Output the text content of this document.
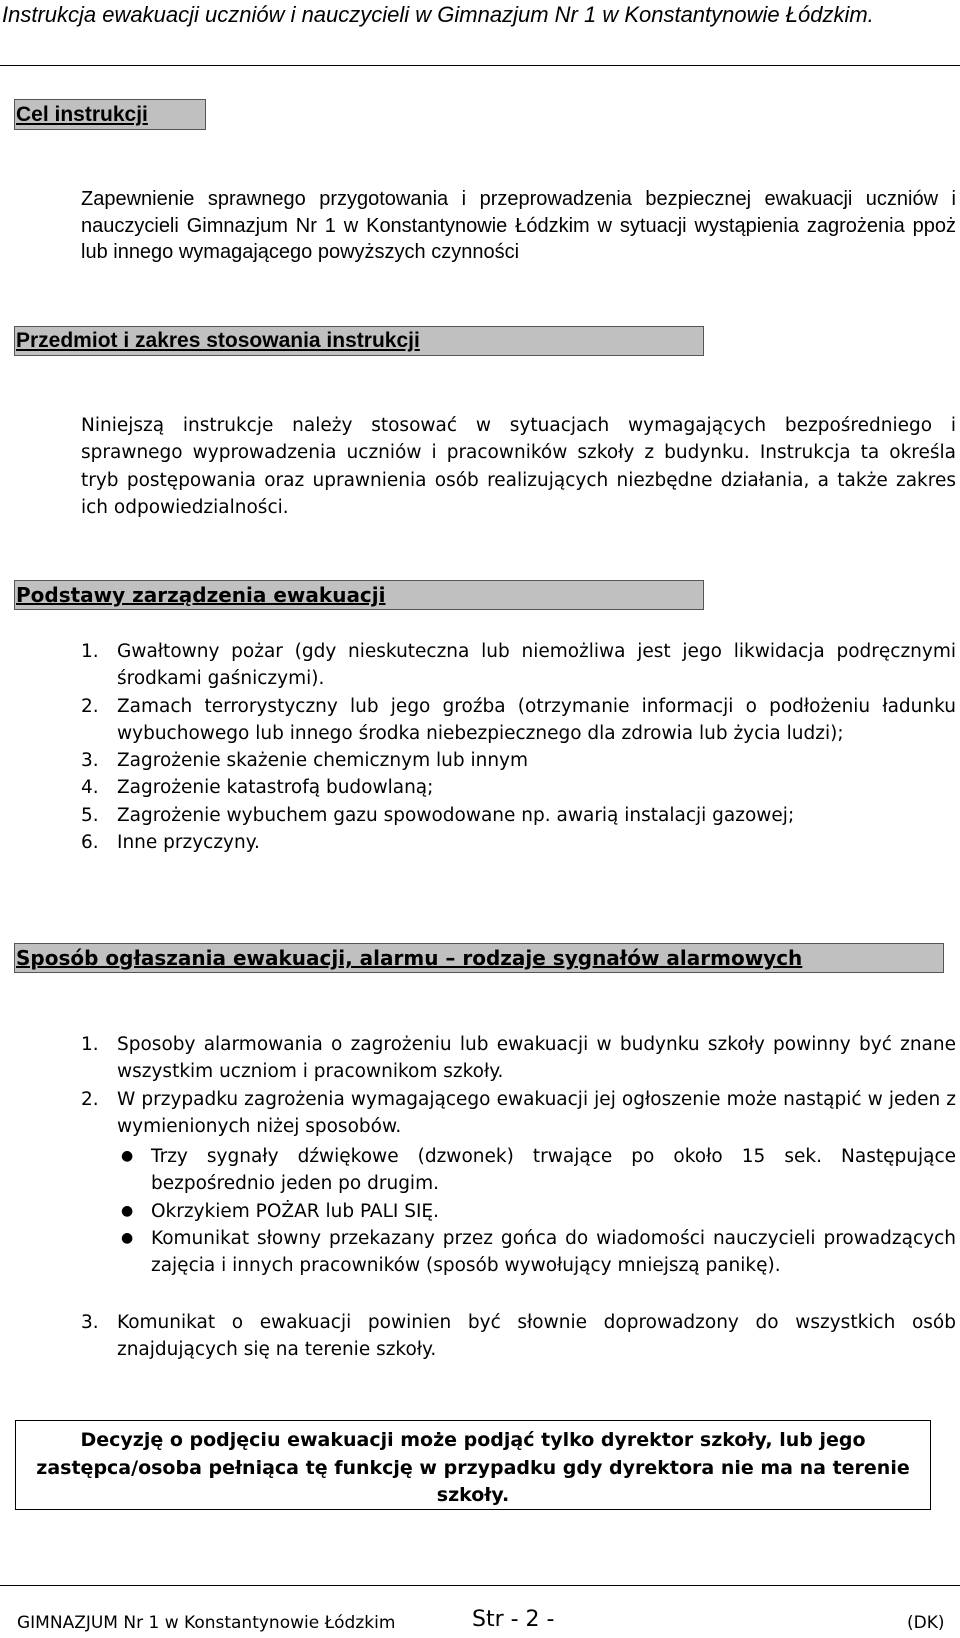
Instrukcja ewakuacji uczniów i nauczycieli w Gimnazjum Nr 1 w Konstantynowie Łódzkim.
Cel instrukcji
Zapewnienie sprawnego przygotowania i przeprowadzenia bezpiecznej ewakuacji uczniów i nauczycieli Gimnazjum Nr 1 w Konstantynowie Łódzkim w sytuacji wystąpienia zagrożenia ppoż lub innego wymagającego powyższych czynności
Przedmiot i zakres stosowania instrukcji
Niniejszą instrukcje należy stosować w sytuacjach wymagających bezpośredniego i sprawnego wyprowadzenia uczniów i pracowników szkoły z budynku. Instrukcja ta określa tryb postępowania oraz uprawnienia osób realizujących niezbędne działania, a także zakres ich odpowiedzialności.
Podstawy zarządzenia ewakuacji
1. Gwałtowny pożar (gdy nieskuteczna lub niemożliwa jest jego likwidacja podręcznymi środkami gaśniczymi).
2. Zamach terrorystyczny lub jego groźba (otrzymanie informacji o podłożeniu ładunku wybuchowego lub innego środka niebezpiecznego dla zdrowia lub życia ludzi);
3. Zagrożenie skażenie chemicznym lub innym
4. Zagrożenie katastrofą budowlaną;
5. Zagrożenie wybuchem gazu spowodowane np. awarią instalacji gazowej;
6. Inne przyczyny.
Sposób ogłaszania ewakuacji, alarmu – rodzaje sygnałów alarmowych
1. Sposoby alarmowania o zagrożeniu lub ewakuacji w budynku szkoły powinny być znane wszystkim uczniom i pracownikom szkoły.
2. W przypadku zagrożenia wymagającego ewakuacji jej ogłoszenie może nastąpić w jeden z wymienionych niżej sposobów.
● Trzy sygnały dźwiękowe (dzwonek) trwające po około 15 sek. Następujące bezpośrednio jeden po drugim.
● Okrzykiem POŻAR lub PALI SIĘ.
● Komunikat słowny przekazany przez gońca do wiadomości nauczycieli prowadzących zajęcia i innych pracowników (sposób wywołujący mniejszą panikę).
3. Komunikat o ewakuacji powinien być słownie doprowadzony do wszystkich osób znajdujących się na terenie szkoły.
Decyzję o podjęciu ewakuacji może podjąć tylko dyrektor szkoły, lub jego zastępca/osoba pełniąca tę funkcję w przypadku gdy dyrektora nie ma na terenie szkoły.
GIMNAZJUM Nr 1 w Konstantynowie Łódzkim	Str - 2 -	(DK)
